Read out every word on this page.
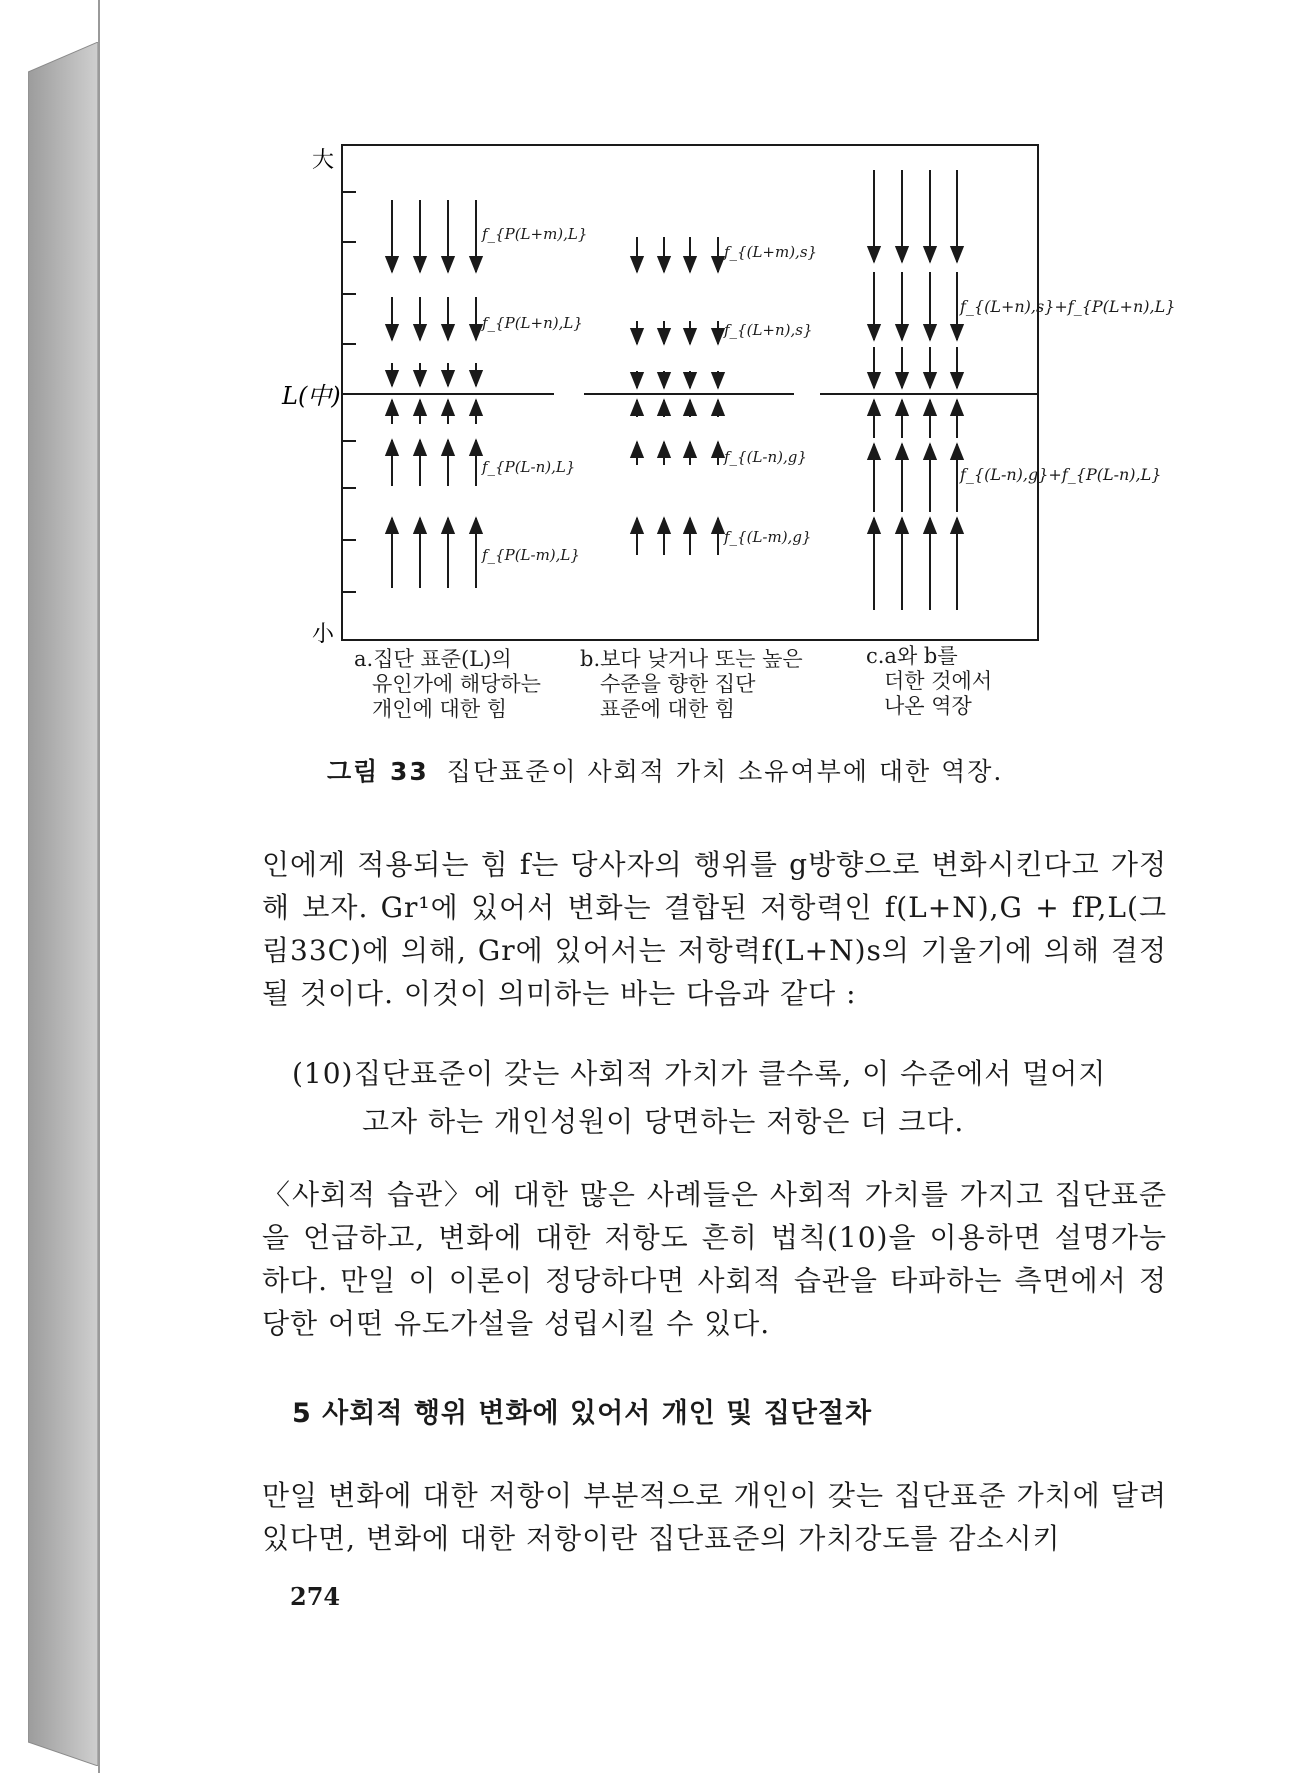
大
L(中)
小
f_{P(L+m),L}
f_{P(L+n),L}
f_{P(L-n),L}
f_{P(L-m),L}
f_{(L+m),s}
f_{(L+n),s}
f_{(L-n),g}
f_{(L-m),g}
f_{(L+n),s}+f_{P(L+n),L}
f_{(L-n),g}+f_{P(L-n),L}
a.집단 표준(L)의
유인가에 해당하는
개인에 대한 힘
b.보다 낮거나 또는 높은
수준을 향한 집단
표준에 대한 힘
c.a와 b를
더한 것에서
나온 역장
그림 33 집단표준이 사회적 가치 소유여부에 대한 역장.

인에게 적용되는 힘 f는 당사자의 행위를 g방향으로 변화시킨다고 가정해 보자. Gr¹에 있어서 변화는 결합된 저항력인 f(L+N),G + fP,L(그림33C)에 의해, Gr에 있어서는 저항력f(L+N)s의 기울기에 의해 결정될 것이다. 이것이 의미하는 바는 다음과 같다 :

(10)집단표준이 갖는 사회적 가치가 클수록, 이 수준에서 멀어지
고자 하는 개인성원이 당면하는 저항은 더 크다.

〈사회적 습관〉에 대한 많은 사례들은 사회적 가치를 가지고 집단표준을 언급하고, 변화에 대한 저항도 흔히 법칙(10)을 이용하면 설명가능하다. 만일 이 이론이 정당하다면 사회적 습관을 타파하는 측면에서 정당한 어떤 유도가설을 성립시킬 수 있다.

5 사회적 행위 변화에 있어서 개인 및 집단절차

만일 변화에 대한 저항이 부분적으로 개인이 갖는 집단표준 가치에 달려있다면, 변화에 대한 저항이란 집단표준의 가치강도를 감소시키

274
